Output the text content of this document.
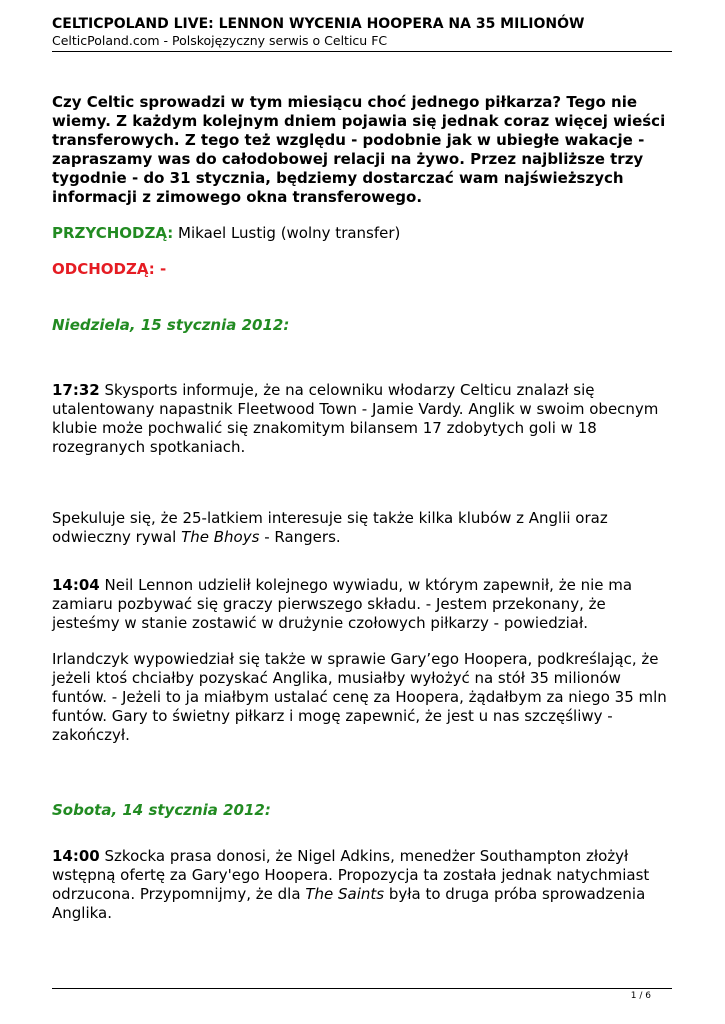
CELTICPOLAND LIVE: LENNON WYCENIA HOOPERA NA 35 MILIONÓW
CelticPoland.com - Polskojęzyczny serwis o Celticu FC

Czy Celtic sprowadzi w tym miesiącu choć jednego piłkarza? Tego nie wiemy. Z każdym kolejnym dniem pojawia się jednak coraz więcej wieści transferowych. Z tego też względu - podobnie jak w ubiegłe wakacje - zapraszamy was do całodobowej relacji na żywo. Przez najbliższe trzy tygodnie - do 31 stycznia, będziemy dostarczać wam najświeższych informacji z zimowego okna transferowego.

PRZYCHODZĄ: Mikael Lustig (wolny transfer)

ODCHODZĄ: -

Niedziela, 15 stycznia 2012:

17:32 Skysports informuje, że na celowniku włodarzy Celticu znalazł się utalentowany napastnik Fleetwood Town - Jamie Vardy. Anglik w swoim obecnym klubie może pochwalić się znakomitym bilansem 17 zdobytych goli w 18 rozegranych spotkaniach.

Spekuluje się, że 25-latkiem interesuje się także kilka klubów z Anglii oraz odwieczny rywal The Bhoys - Rangers.

14:04 Neil Lennon udzielił kolejnego wywiadu, w którym zapewnił, że nie ma zamiaru pozbywać się graczy pierwszego składu. - Jestem przekonany, że jesteśmy w stanie zostawić w drużynie czołowych piłkarzy - powiedział.

Irlandczyk wypowiedział się także w sprawie Gary’ego Hoopera, podkreślając, że jeżeli ktoś chciałby pozyskać Anglika, musiałby wyłożyć na stół 35 milionów funtów. - Jeżeli to ja miałbym ustalać cenę za Hoopera, żądałbym za niego 35 mln funtów. Gary to świetny piłkarz i mogę zapewnić, że jest u nas szczęśliwy - zakończył.

Sobota, 14 stycznia 2012:

14:00 Szkocka prasa donosi, że Nigel Adkins, menedżer Southampton złożył wstępną ofertę za Gary'ego Hoopera. Propozycja ta została jednak natychmiast odrzucona. Przypomnijmy, że dla The Saints była to druga próba sprowadzenia Anglika.

1 / 6
